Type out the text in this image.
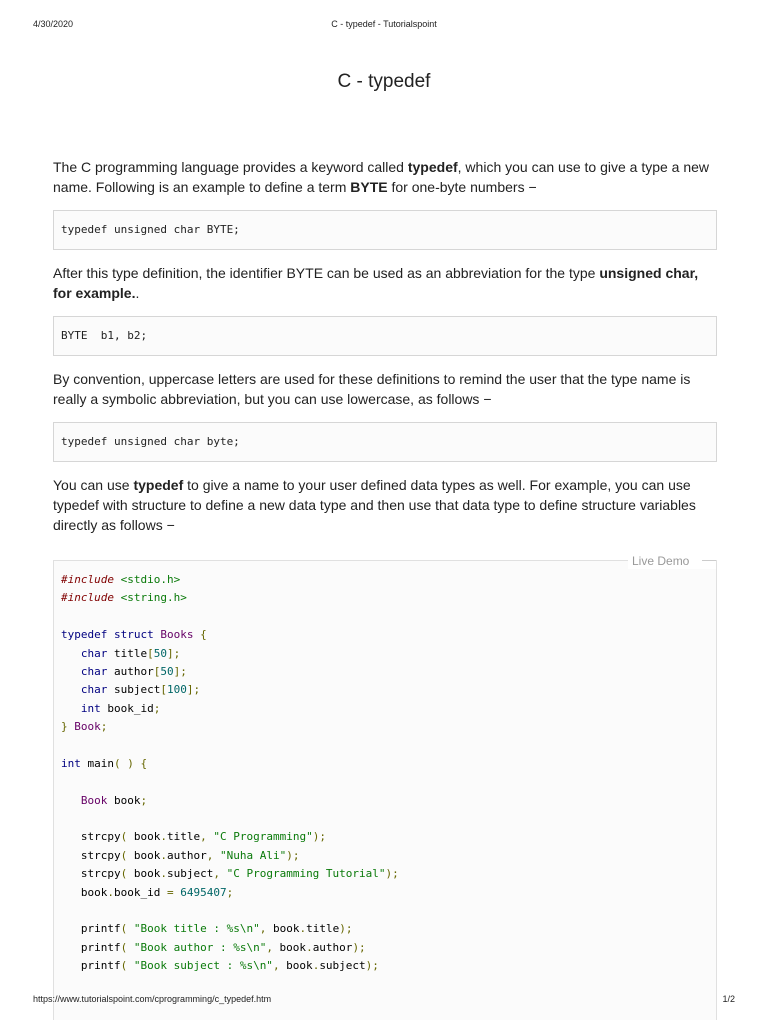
4/30/2020	C - typedef - Tutorialspoint
C - typedef

The C programming language provides a keyword called typedef, which you can use to give a type a new name. Following is an example to define a term BYTE for one-byte numbers −

typedef unsigned char BYTE;

After this type definition, the identifier BYTE can be used as an abbreviation for the type unsigned char, for example..

BYTE  b1, b2;

By convention, uppercase letters are used for these definitions to remind the user that the type name is really a symbolic abbreviation, but you can use lowercase, as follows −

typedef unsigned char byte;

You can use typedef to give a name to your user defined data types as well. For example, you can use typedef with structure to define a new data type and then use that data type to define structure variables directly as follows −

Live Demo
#include <stdio.h>
#include <string.h>
typedef struct Books {
char title[50];
char author[50];
char subject[100];
int book_id;
} Book;
int main( ) {
Book book;
strcpy( book.title, "C Programming");
strcpy( book.author, "Nuha Ali");
strcpy( book.subject, "C Programming Tutorial");
book.book_id = 6495407;
printf( "Book title : %s\n", book.title);
printf( "Book author : %s\n", book.author);
printf( "Book subject : %s\n", book.subject);
https://www.tutorialspoint.com/cprogramming/c_typedef.htm	1/2
